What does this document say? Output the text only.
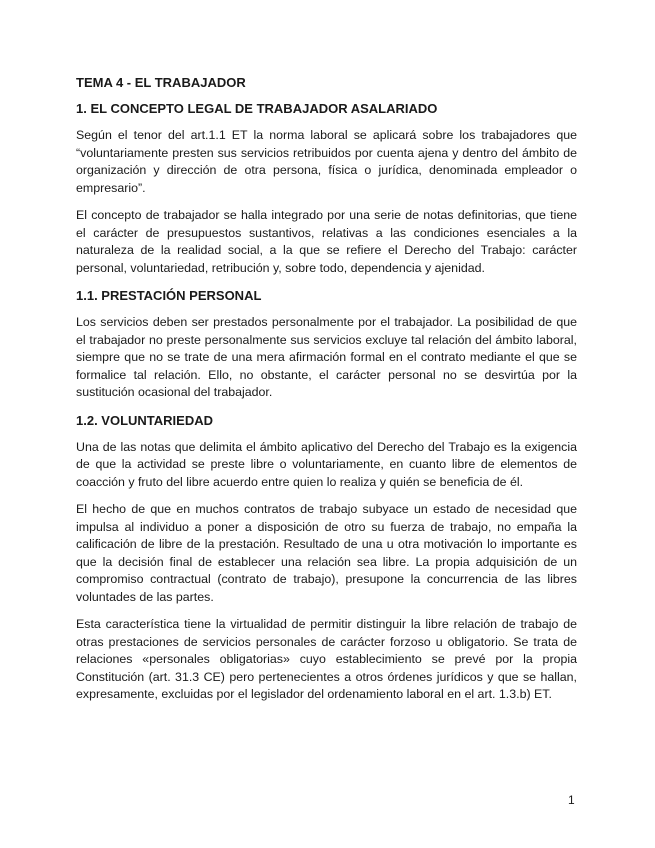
TEMA 4 - EL TRABAJADOR
1. EL CONCEPTO LEGAL DE TRABAJADOR ASALARIADO

Según el tenor del art.1.1 ET la norma laboral se aplicará sobre los trabajadores que “voluntariamente presten sus servicios retribuidos por cuenta ajena y dentro del ámbito de organización y dirección de otra persona, física o jurídica, denominada empleador o empresario”.

El concepto de trabajador se halla integrado por una serie de notas definitorias, que tiene el carácter de presupuestos sustantivos, relativas a las condiciones esenciales a la naturaleza de la realidad social, a la que se refiere el Derecho del Trabajo: carácter personal, voluntariedad, retribución y, sobre todo, dependencia y ajenidad.

1.1. PRESTACIÓN PERSONAL

Los servicios deben ser prestados personalmente por el trabajador. La posibilidad de que el trabajador no preste personalmente sus servicios excluye tal relación del ámbito laboral, siempre que no se trate de una mera afirmación formal en el contrato mediante el que se formalice tal relación. Ello, no obstante, el carácter personal no se desvirtúa por la sustitución ocasional del trabajador.

1.2. VOLUNTARIEDAD

Una de las notas que delimita el ámbito aplicativo del Derecho del Trabajo es la exigencia de que la actividad se preste libre o voluntariamente, en cuanto libre de elementos de coacción y fruto del libre acuerdo entre quien lo realiza y quién se beneficia de él.

El hecho de que en muchos contratos de trabajo subyace un estado de necesidad que impulsa al individuo a poner a disposición de otro su fuerza de trabajo, no empaña la calificación de libre de la prestación. Resultado de una u otra motivación lo importante es que la decisión final de establecer una relación sea libre. La propia adquisición de un compromiso contractual (contrato de trabajo), presupone la concurrencia de las libres voluntades de las partes.

Esta característica tiene la virtualidad de permitir distinguir la libre relación de trabajo de otras prestaciones de servicios personales de carácter forzoso u obligatorio. Se trata de relaciones «personales obligatorias» cuyo establecimiento se prevé por la propia Constitución (art. 31.3 CE) pero pertenecientes a otros órdenes jurídicos y que se hallan, expresamente, excluidas por el legislador del ordenamiento laboral en el art. 1.3.b) ET.

1
